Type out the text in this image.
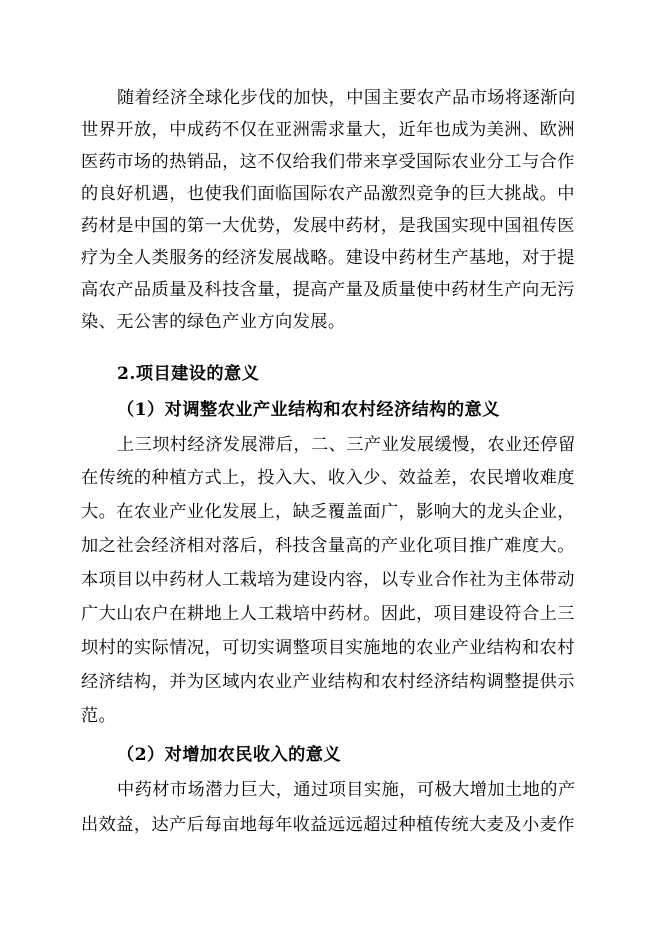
随着经济全球化步伐的加快，中国主要农产品市场将逐渐向
世界开放，中成药不仅在亚洲需求量大，近年也成为美洲、欧洲
医药市场的热销品，这不仅给我们带来享受国际农业分工与合作
的良好机遇，也使我们面临国际农产品激烈竞争的巨大挑战。中
药材是中国的第一大优势，发展中药材，是我国实现中国祖传医
疗为全人类服务的经济发展战略。建设中药材生产基地，对于提
高农产品质量及科技含量，提高产量及质量使中药材生产向无污
染、无公害的绿色产业方向发展。
2.项目建设的意义
（1）对调整农业产业结构和农村经济结构的意义
上三坝村经济发展滞后，二、三产业发展缓慢，农业还停留
在传统的种植方式上，投入大、收入少、效益差，农民增收难度
大。在农业产业化发展上，缺乏覆盖面广，影响大的龙头企业，
加之社会经济相对落后，科技含量高的产业化项目推广难度大。
本项目以中药材人工栽培为建设内容，以专业合作社为主体带动
广大山农户在耕地上人工栽培中药材。因此，项目建设符合上三
坝村的实际情况，可切实调整项目实施地的农业产业结构和农村
经济结构，并为区域内农业产业结构和农村经济结构调整提供示
范。
（2）对增加农民收入的意义
中药材市场潜力巨大，通过项目实施，可极大增加土地的产
出效益，达产后每亩地每年收益远远超过种植传统大麦及小麦作
